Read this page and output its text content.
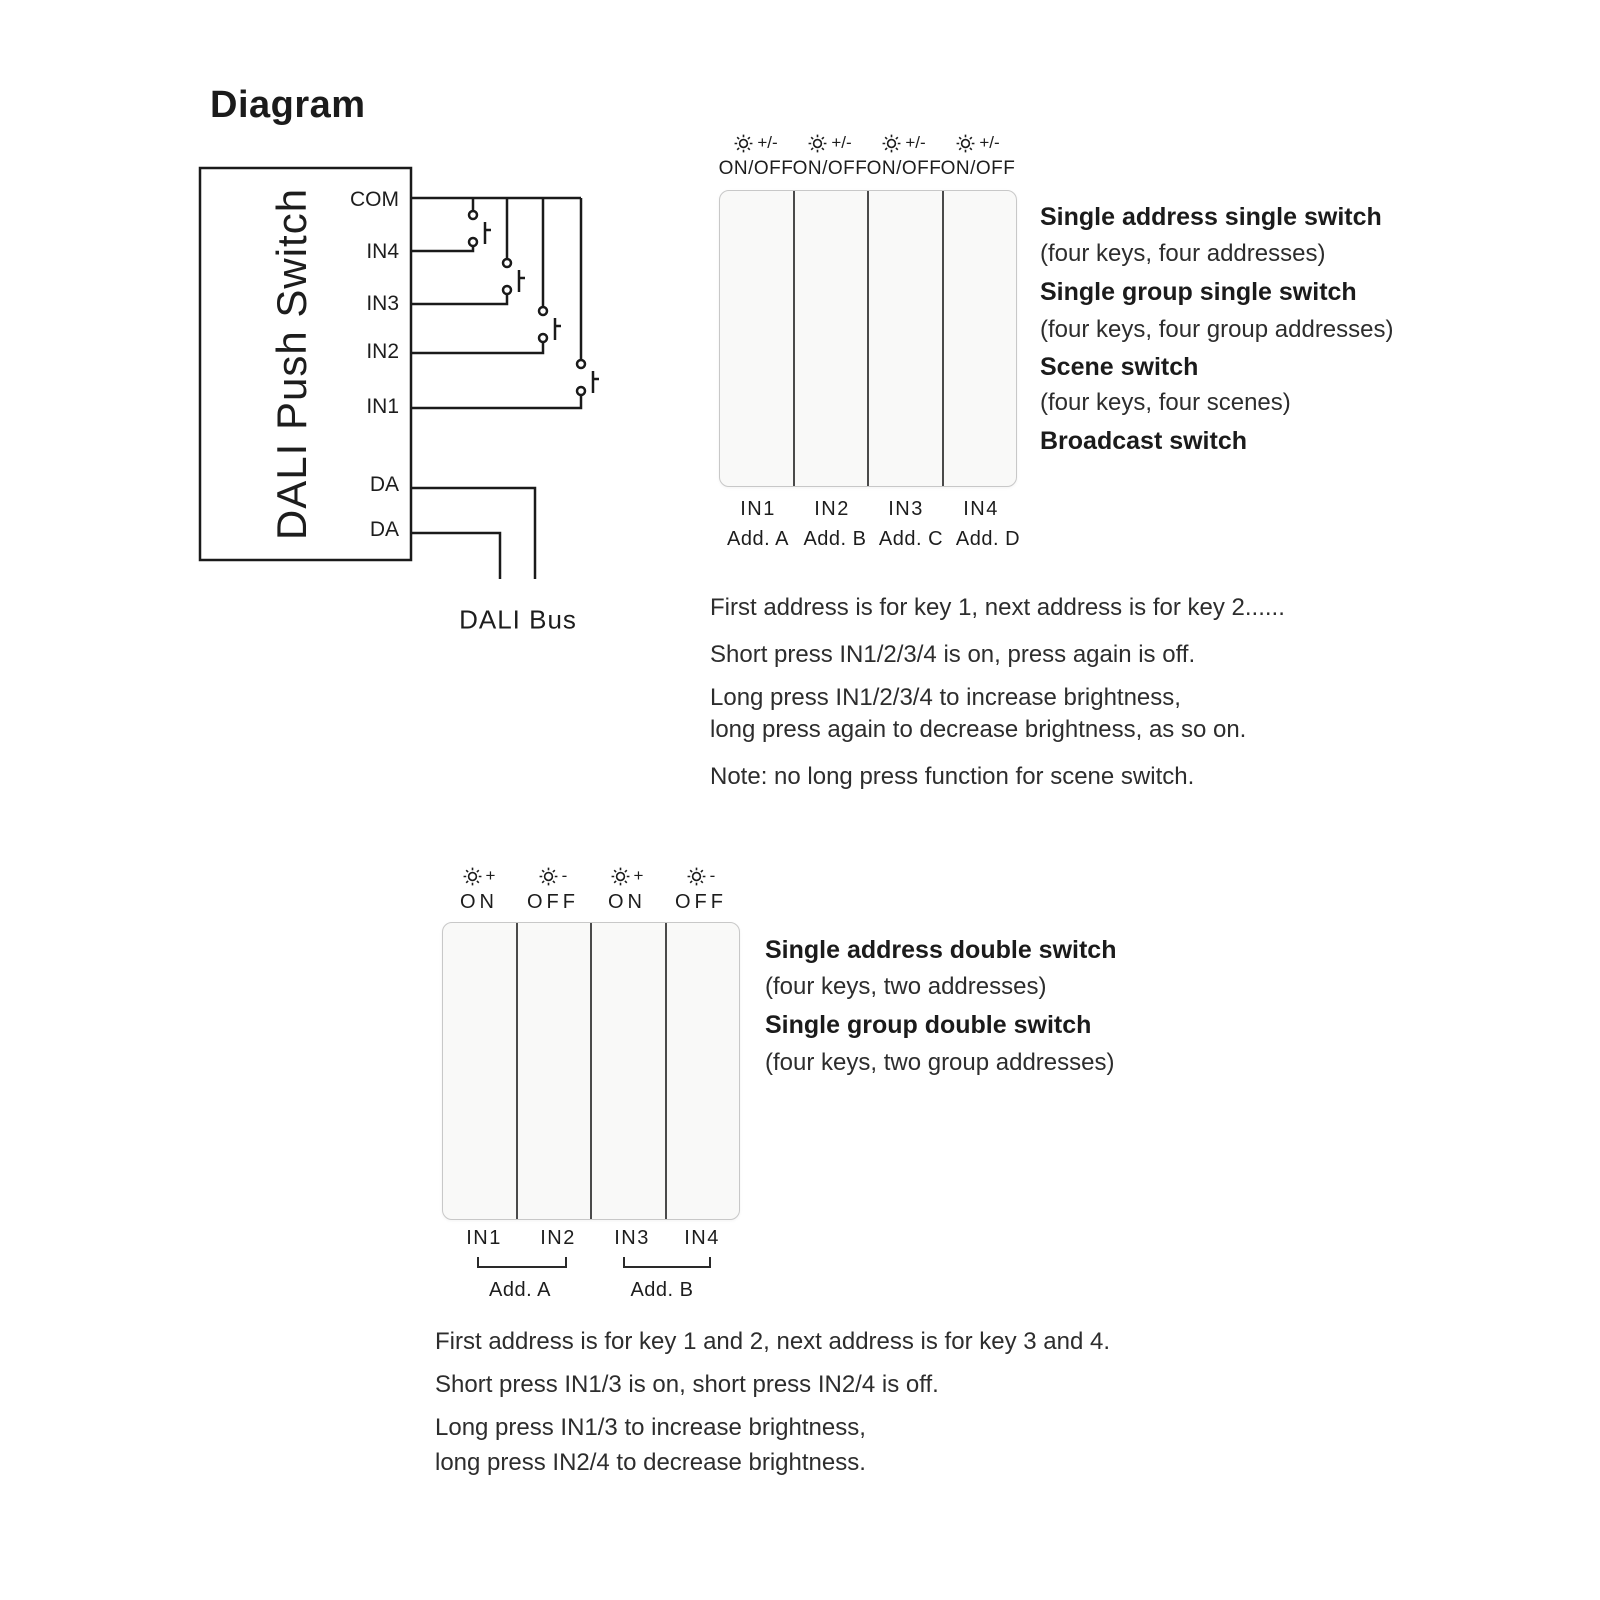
Diagram
DALI Push Switch	COM
IN4
IN3
IN2
IN1
DA
DA
DALI Bus
+/-
ON/OFF
+/-
ON/OFF
+/-
ON/OFF
+/-
ON/OFF
IN1	IN2	IN3	IN4
Add. A Add. B Add. C Add. D
Single address single switch
(four keys, four addresses)
Single group single switch
(four keys, four group addresses)
Scene switch
(four keys, four scenes)
Broadcast switch
First address is for key 1, next address is for key 2......
Short press IN1/2/3/4 is on, press again is off.
Long press IN1/2/3/4 to increase brightness,
long press again to decrease brightness, as so on.
Note: no long press function for scene switch.
+
ON
-
OFF
+
ON
-
OFF
IN1	IN2	IN3	IN4
Add. A	Add. B
Single address double switch
(four keys, two addresses)
Single group double switch
(four keys, two group addresses)
First address is for key 1 and 2, next address is for key 3 and 4.
Short press IN1/3 is on, short press IN2/4 is off.
Long press IN1/3 to increase brightness,
long press IN2/4 to decrease brightness.
